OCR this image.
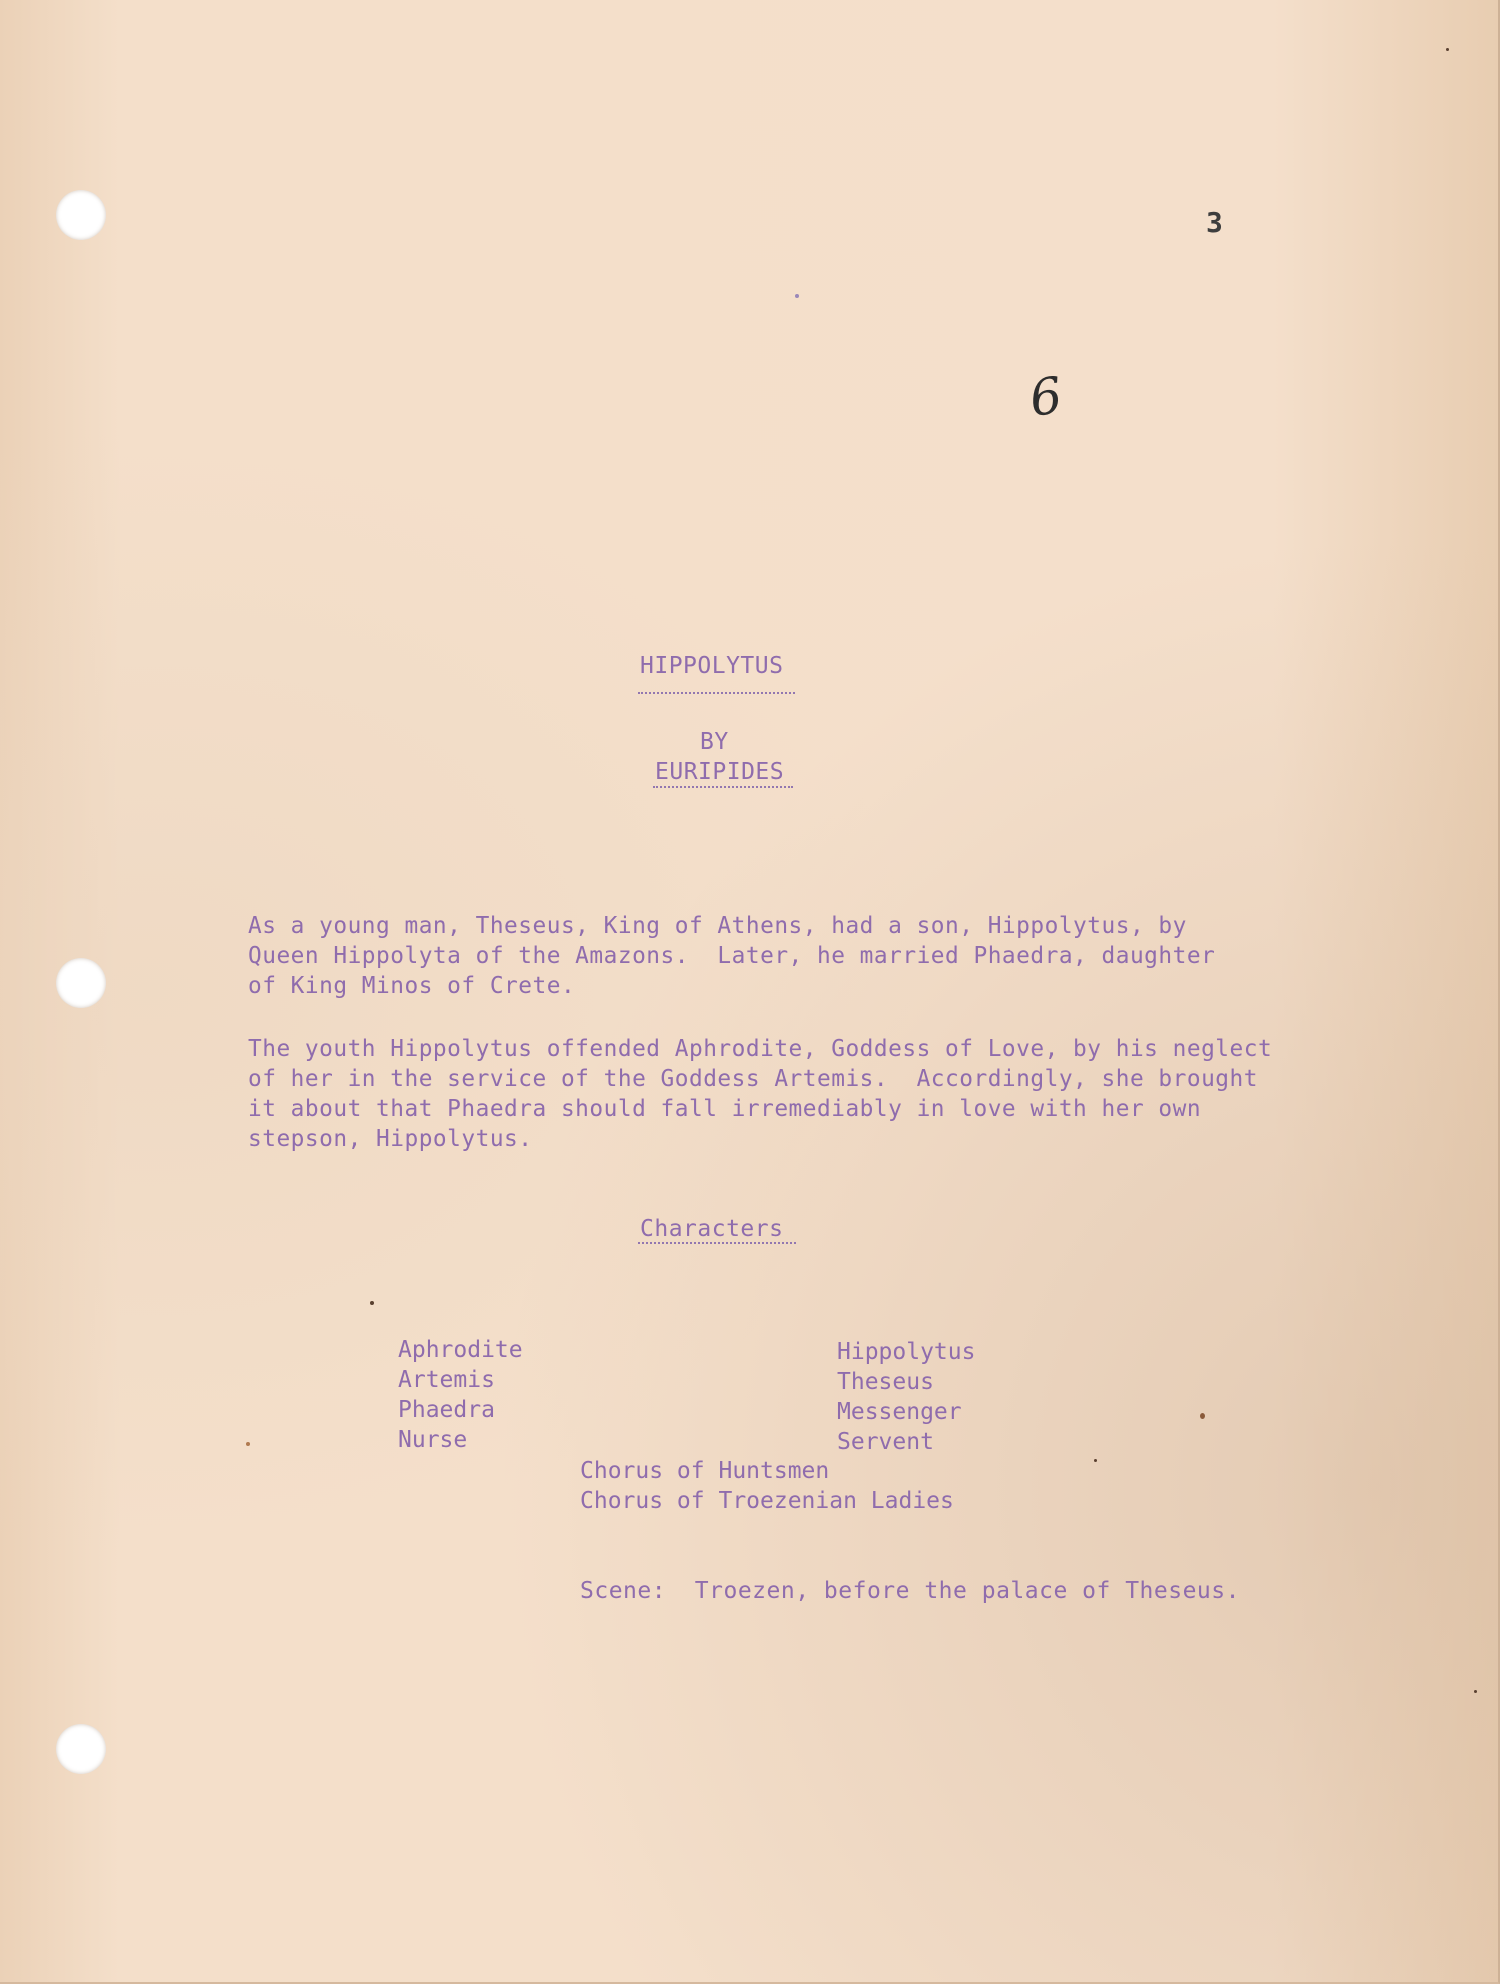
3
6
HIPPOLYTUS
BY
EURIPIDES
As a young man, Theseus, King of Athens, had a son, Hippolytus, by
Queen Hippolyta of the Amazons.  Later, he married Phaedra, daughter
of King Minos of Crete.
The youth Hippolytus offended Aphrodite, Goddess of Love, by his neglect
of her in the service of the Goddess Artemis.  Accordingly, she brought
it about that Phaedra should fall irremediably in love with her own
stepson, Hippolytus.
Characters
Aphrodite
Artemis
Phaedra
Nurse
Hippolytus
Theseus
Messenger
Servent
Chorus of Huntsmen
Chorus of Troezenian Ladies
Scene:  Troezen, before the palace of Theseus.
